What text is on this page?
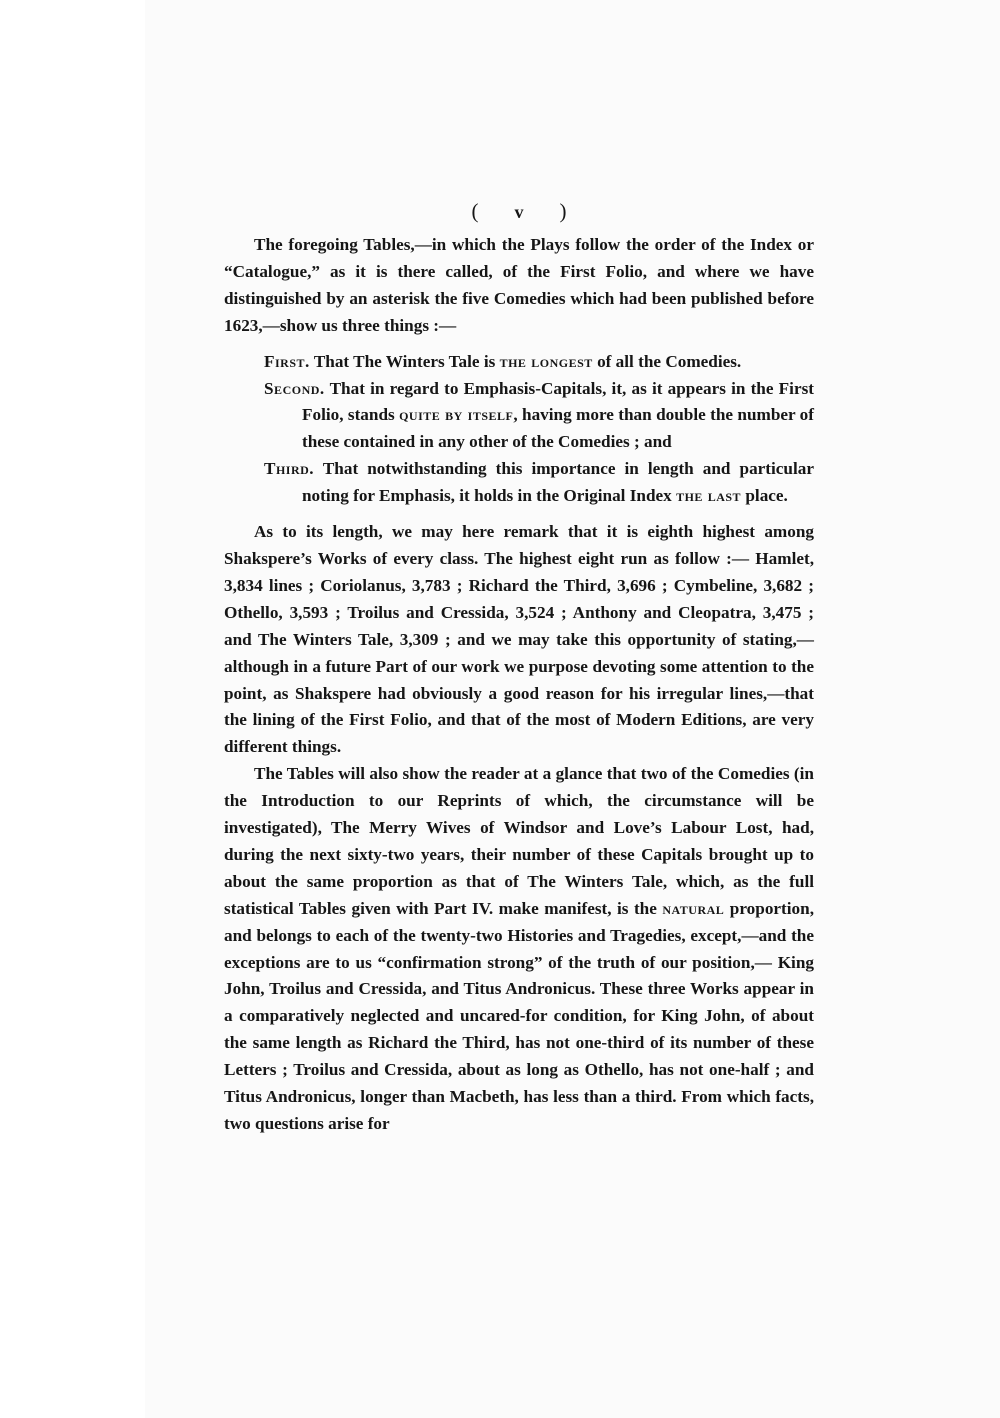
( v )

The foregoing Tables,—in which the Plays follow the order of the Index or “Catalogue,” as it is there called, of the First Folio, and where we have distinguished by an asterisk the five Comedies which had been published before 1623,—show us three things :—

First. That The Winters Tale is the longest of all the Comedies.
Second. That in regard to Emphasis-Capitals, it, as it appears in the First Folio, stands quite by itself, having more than double the number of these contained in any other of the Comedies ; and
Third. That notwithstanding this importance in length and particular noting for Emphasis, it holds in the Original Index the last place.

As to its length, we may here remark that it is eighth highest among Shakspere’s Works of every class. The highest eight run as follow :— Hamlet, 3,834 lines ; Coriolanus, 3,783 ; Richard the Third, 3,696 ; Cymbeline, 3,682 ; Othello, 3,593 ; Troilus and Cressida, 3,524 ; Anthony and Cleopatra, 3,475 ; and The Winters Tale, 3,309 ; and we may take this opportunity of stating,—although in a future Part of our work we purpose devoting some attention to the point, as Shakspere had obviously a good reason for his irregular lines,—that the lining of the First Folio, and that of the most of Modern Editions, are very different things.

The Tables will also show the reader at a glance that two of the Comedies (in the Introduction to our Reprints of which, the circumstance will be investigated), The Merry Wives of Windsor and Love’s Labour Lost, had, during the next sixty-two years, their number of these Capitals brought up to about the same proportion as that of The Winters Tale, which, as the full statistical Tables given with Part IV. make manifest, is the natural proportion, and belongs to each of the twenty-two Histories and Tragedies, except,—and the exceptions are to us “confirmation strong” of the truth of our position,— King John, Troilus and Cressida, and Titus Andronicus. These three Works appear in a comparatively neglected and uncared-for condition, for King John, of about the same length as Richard the Third, has not one-third of its number of these Letters ; Troilus and Cressida, about as long as Othello, has not one-half ; and Titus Andronicus, longer than Macbeth, has less than a third. From which facts, two questions arise for
